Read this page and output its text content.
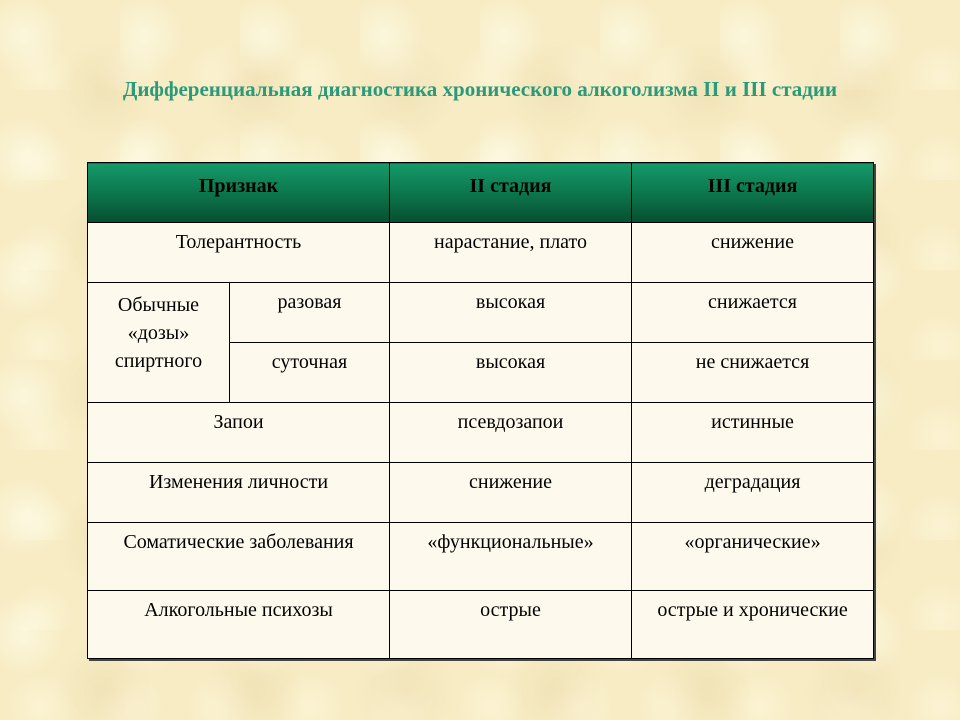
Дифференциальная диагностика хронического алкоголизма II и III стадии
Признак		II стадия	III стадия
Толерантность		нарастание, плато	снижение
Обычные «дозы» спиртного	разовая	высокая	снижается
	суточная	высокая	не снижается
Запои		псевдозапои	истинные
Изменения личности		снижение	деградация
Соматические заболевания		«функциональные»	«органические»
Алкогольные психозы		острые	острые и хронические
